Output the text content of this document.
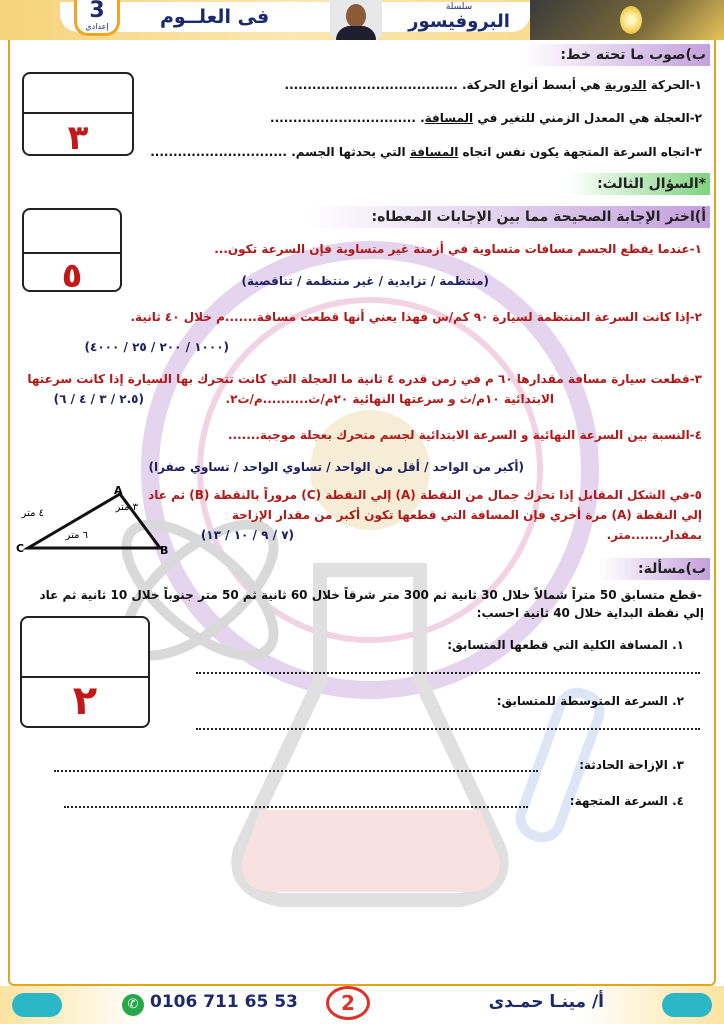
3
إعدادي	فى العلــوم	سلسلة
البروفيسور
ب)صوب ما تحته خط:
٣
١-الحركة الدورية هي أبسط أنواع الحركة. ......................................
٢-العجلة هي المعدل الزمني للتغير في المسافة. ................................
٣-اتجاه السرعة المتجهة يكون نفس اتجاه المسافة التي يحدثها الجسم. ..............................
*السؤال الثالث:
أ)اختر الإجابة الصحيحة مما بين الإجابات المعطاه:
٥
١-عندما يقطع الجسم مسافات متساوية في أزمنة غير متساوية فإن السرعة تكون...
(منتظمة / تزايدية / غير منتظمة / تناقصية)
٢-إذا كانت السرعة المنتظمة لسيارة ٩٠ كم/س فهذا يعني أنها قطعت مسافة.......م خلال ٤٠ ثانية.
(١٠٠٠ / ٢٠٠ / ٢٥ / ٤٠٠٠)
٣-قطعت سيارة مسافة مقدارها ٦٠ م في زمن قدره ٤ ثانية ما العجلة التي كانت تتحرك بها السيارة إذا كانت سرعتها
الابتدائية ١٠م/ث و سرعتها النهائية ٢٠م/ث..........م/ث٢.
(٢.٥ / ٣ / ٤ / ٦)
٤-النسبة بين السرعة النهائية و السرعة الابتدائية لجسم متحرك بعجلة موجبة.......
(أكبر من الواحد / أقل من الواحد / تساوي الواحد / تساوي صفرا)
٥-في الشكل المقابل إذا تحرك جمال من النقطة (A) إلي النقطة (C) مروراً بالنقطة (B) ثم عاد
إلي النقطة (A) مرة أخري فإن المسافة التي قطعها تكون أكبر من مقدار الإزاحة
بمقدار.......متر.
(٧ / ٩ / ١٠ / ١٣)
C
A
B
٤ متر
٦ متر
٣ متر
ب)مسألة:
-قطع متسابق 50 متراً شمالاً خلال 30 ثانية ثم 300 متر شرقاً خلال 60 ثانية ثم 50 متر جنوباً خلال 10 ثانية ثم عاد
إلي نقطة البداية خلال 40 ثانية احسب:
٢
١. المسافة الكلية التي قطعها المتسابق:
٢. السرعة المتوسطة للمتسابق:
٣. الإزاحة الحادثة:
٤. السرعة المتجهة:
✆ 0106 711 65 53	2	أ/ مينـا حمـدى
